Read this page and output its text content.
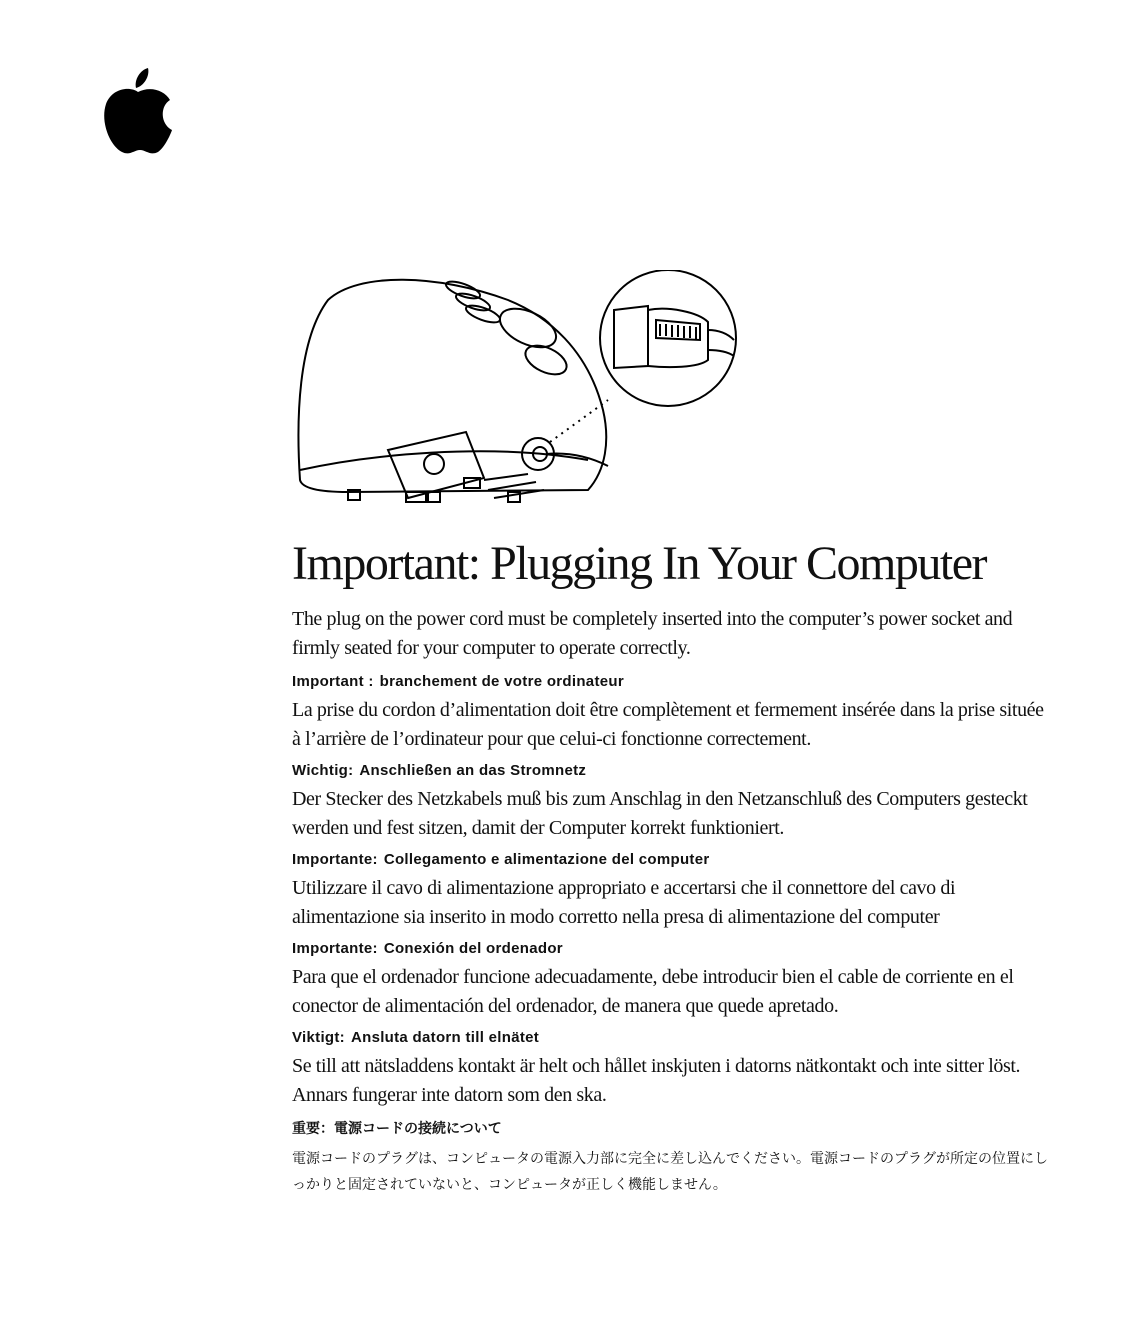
Important: Plugging In Your Computer

The plug on the power cord must be completely inserted into the computer’s power socket and firmly seated for your computer to operate correctly.

Important : branchement de votre ordinateur

La prise du cordon d’alimentation doit être complètement et fermement insérée dans la prise située à l’arrière de l’ordinateur pour que celui-ci fonctionne correctement.

Wichtig: Anschließen an das Stromnetz

Der Stecker des Netzkabels muß bis zum Anschlag in den Netzanschluß des Computers gesteckt werden und fest sitzen, damit der Computer korrekt funktioniert.

Importante: Collegamento e alimentazione del computer

Utilizzare il cavo di alimentazione appropriato e accertarsi che il connettore del cavo di alimentazione sia inserito in modo corretto nella presa di alimentazione del computer

Importante: Conexión del ordenador

Para que el ordenador funcione adecuadamente, debe introducir bien el cable de corriente en el conector de alimentación del ordenador, de manera que quede apretado.

Viktigt: Ansluta datorn till elnätet

Se till att nätsladdens kontakt är helt och hållet inskjuten i datorns nätkontakt och inte sitter löst. Annars fungerar inte datorn som den ska.

重要：電源コードの接続について

電源コードのプラグは、コンピュータの電源入力部に完全に差し込んでください。電源コードのプラグが所定の位置にしっかりと固定されていないと、コンピュータが正しく機能しません。
